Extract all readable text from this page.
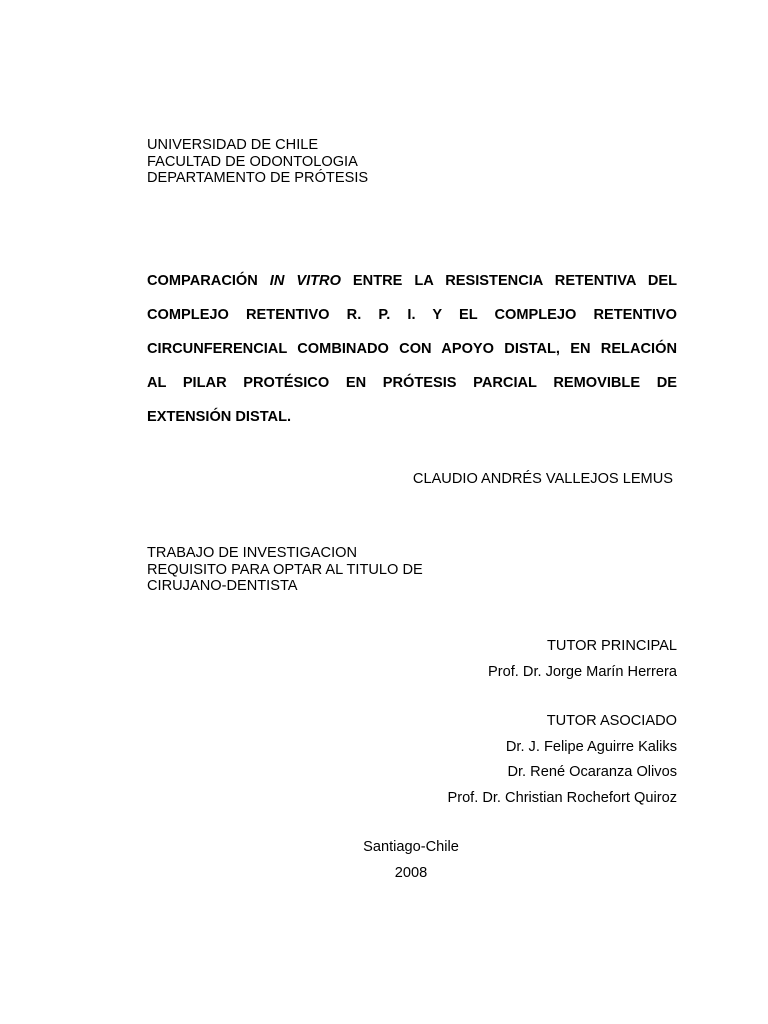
UNIVERSIDAD DE CHILE
FACULTAD DE ODONTOLOGIA
DEPARTAMENTO DE PRÓTESIS
COMPARACIÓN IN VITRO ENTRE LA RESISTENCIA RETENTIVA DEL
COMPLEJO RETENTIVO R. P. I. Y EL COMPLEJO RETENTIVO
CIRCUNFERENCIAL COMBINADO CON APOYO DISTAL, EN RELACIÓN
AL PILAR PROTÉSICO EN PRÓTESIS PARCIAL REMOVIBLE DE
EXTENSIÓN DISTAL.
CLAUDIO ANDRÉS VALLEJOS LEMUS
TRABAJO DE INVESTIGACION
REQUISITO PARA OPTAR AL TITULO DE
CIRUJANO-DENTISTA
TUTOR PRINCIPAL
Prof. Dr. Jorge Marín Herrera
TUTOR ASOCIADO
Dr. J. Felipe Aguirre Kaliks
Dr. René Ocaranza Olivos
Prof. Dr. Christian Rochefort Quiroz
Santiago-Chile
2008
